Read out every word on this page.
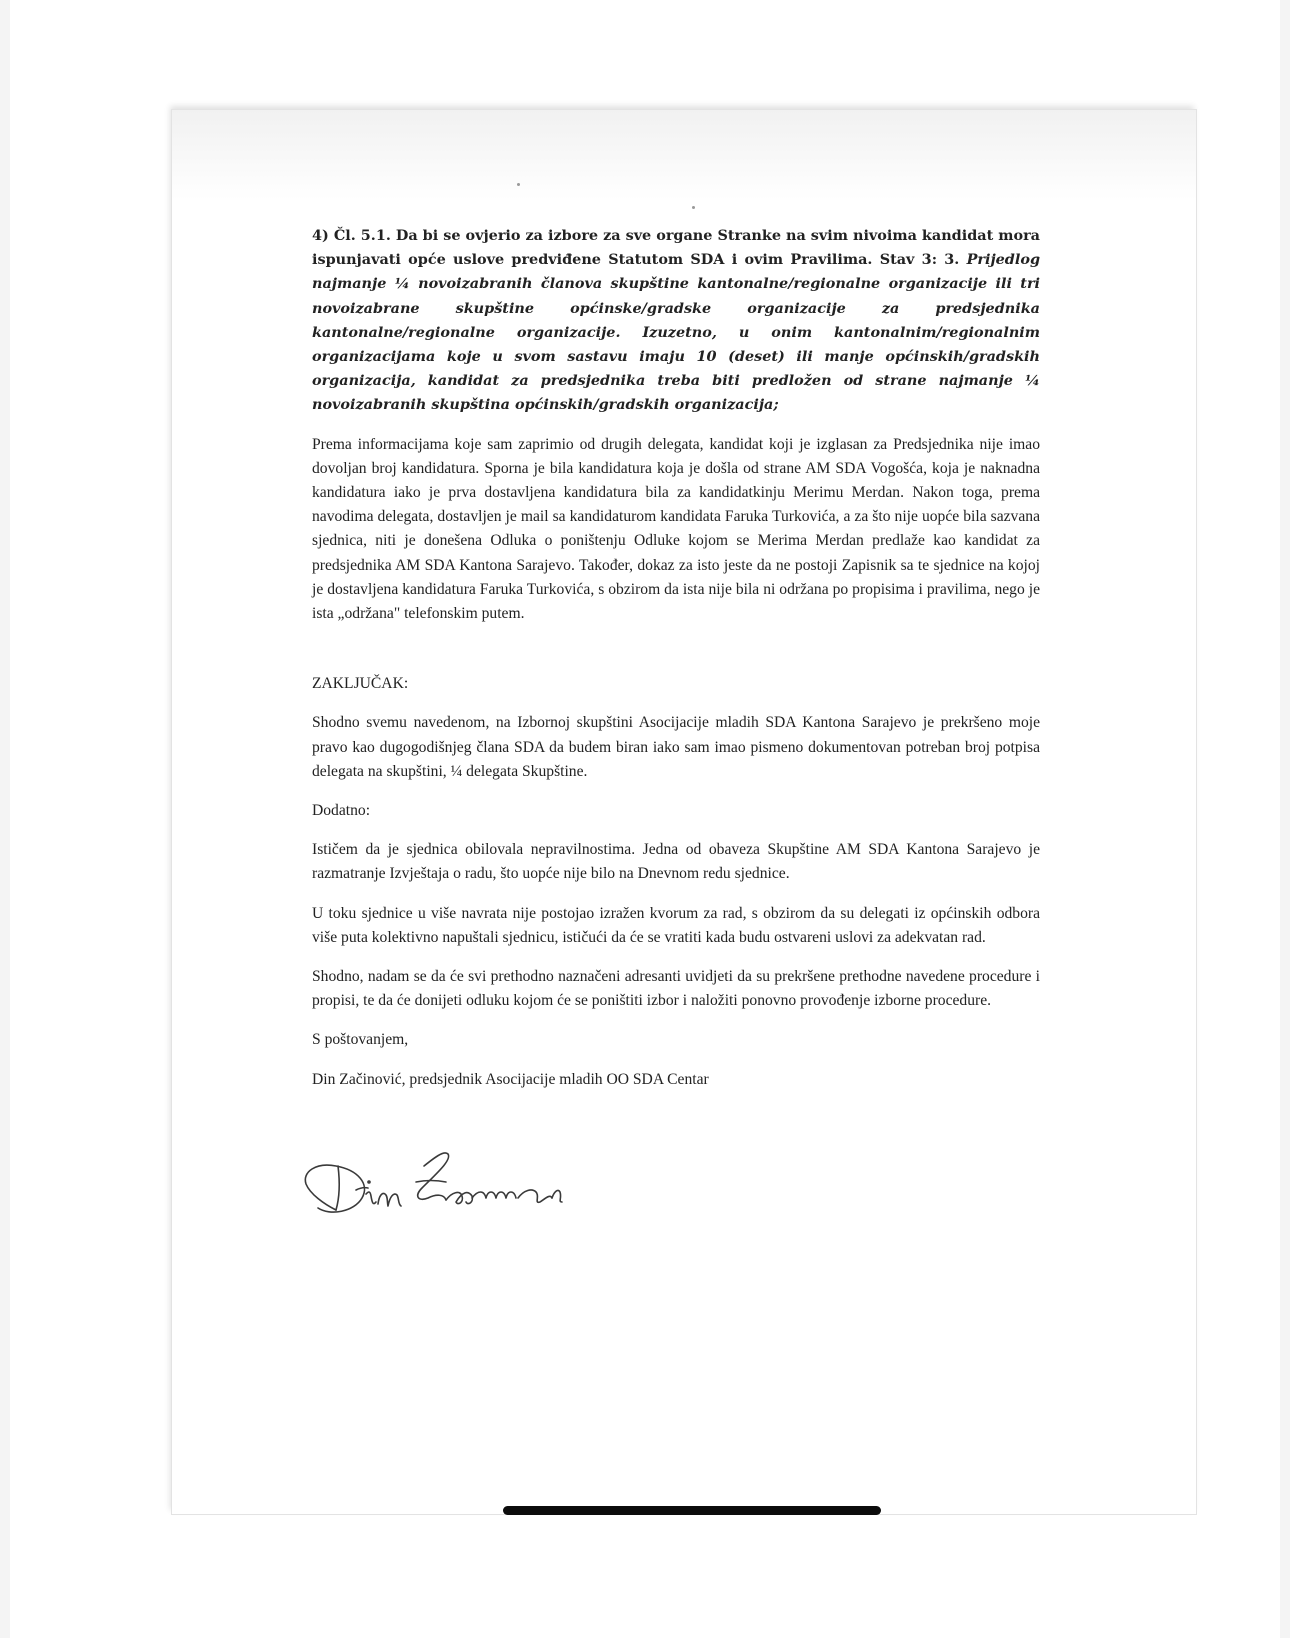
4) Čl. 5.1. Da bi se ovjerio za izbore za sve organe Stranke na svim nivoima kandidat mora ispunjavati opće uslove predviđene Statutom SDA i ovim Pravilima. Stav 3: 3. Prijedlog najmanje ¼ novoizabranih članova skupštine kantonalne/regionalne organizacije ili tri novoizabrane skupštine općinske/gradske organizacije za predsjednika kantonalne/regionalne organizacije. Izuzetno, u onim kantonalnim/regionalnim organizacijama koje u svom sastavu imaju 10 (deset) ili manje općinskih/gradskih organizacija, kandidat za predsjednika treba biti predložen od strane najmanje ¼ novoizabranih skupština općinskih/gradskih organizacija;

Prema informacijama koje sam zaprimio od drugih delegata, kandidat koji je izglasan za Predsjednika nije imao dovoljan broj kandidatura. Sporna je bila kandidatura koja je došla od strane AM SDA Vogošća, koja je naknadna kandidatura iako je prva dostavljena kandidatura bila za kandidatkinju Merimu Merdan. Nakon toga, prema navodima delegata, dostavljen je mail sa kandidaturom kandidata Faruka Turkovića, a za što nije uopće bila sazvana sjednica, niti je donešena Odluka o poništenju Odluke kojom se Merima Merdan predlaže kao kandidat za predsjednika AM SDA Kantona Sarajevo. Također, dokaz za isto jeste da ne postoji Zapisnik sa te sjednice na kojoj je dostavljena kandidatura Faruka Turkovića, s obzirom da ista nije bila ni održana po propisima i pravilima, nego je ista „održana" telefonskim putem.

ZAKLJUČAK:

Shodno svemu navedenom, na Izbornoj skupštini Asocijacije mladih SDA Kantona Sarajevo je prekršeno moje pravo kao dugogodišnjeg člana SDA da budem biran iako sam imao pismeno dokumentovan potreban broj potpisa delegata na skupštini, ¼ delegata Skupštine.

Dodatno:

Ističem da je sjednica obilovala nepravilnostima. Jedna od obaveza Skupštine AM SDA Kantona Sarajevo je razmatranje Izvještaja o radu, što uopće nije bilo na Dnevnom redu sjednice.

U toku sjednice u više navrata nije postojao izražen kvorum za rad, s obzirom da su delegati iz općinskih odbora više puta kolektivno napuštali sjednicu, ističući da će se vratiti kada budu ostvareni uslovi za adekvatan rad.

Shodno, nadam se da će svi prethodno naznačeni adresanti uvidjeti da su prekršene prethodne navedene procedure i propisi, te da će donijeti odluku kojom će se poništiti izbor i naložiti ponovno provođenje izborne procedure.

S poštovanjem,

Din Začinović, predsjednik Asocijacije mladih OO SDA Centar
